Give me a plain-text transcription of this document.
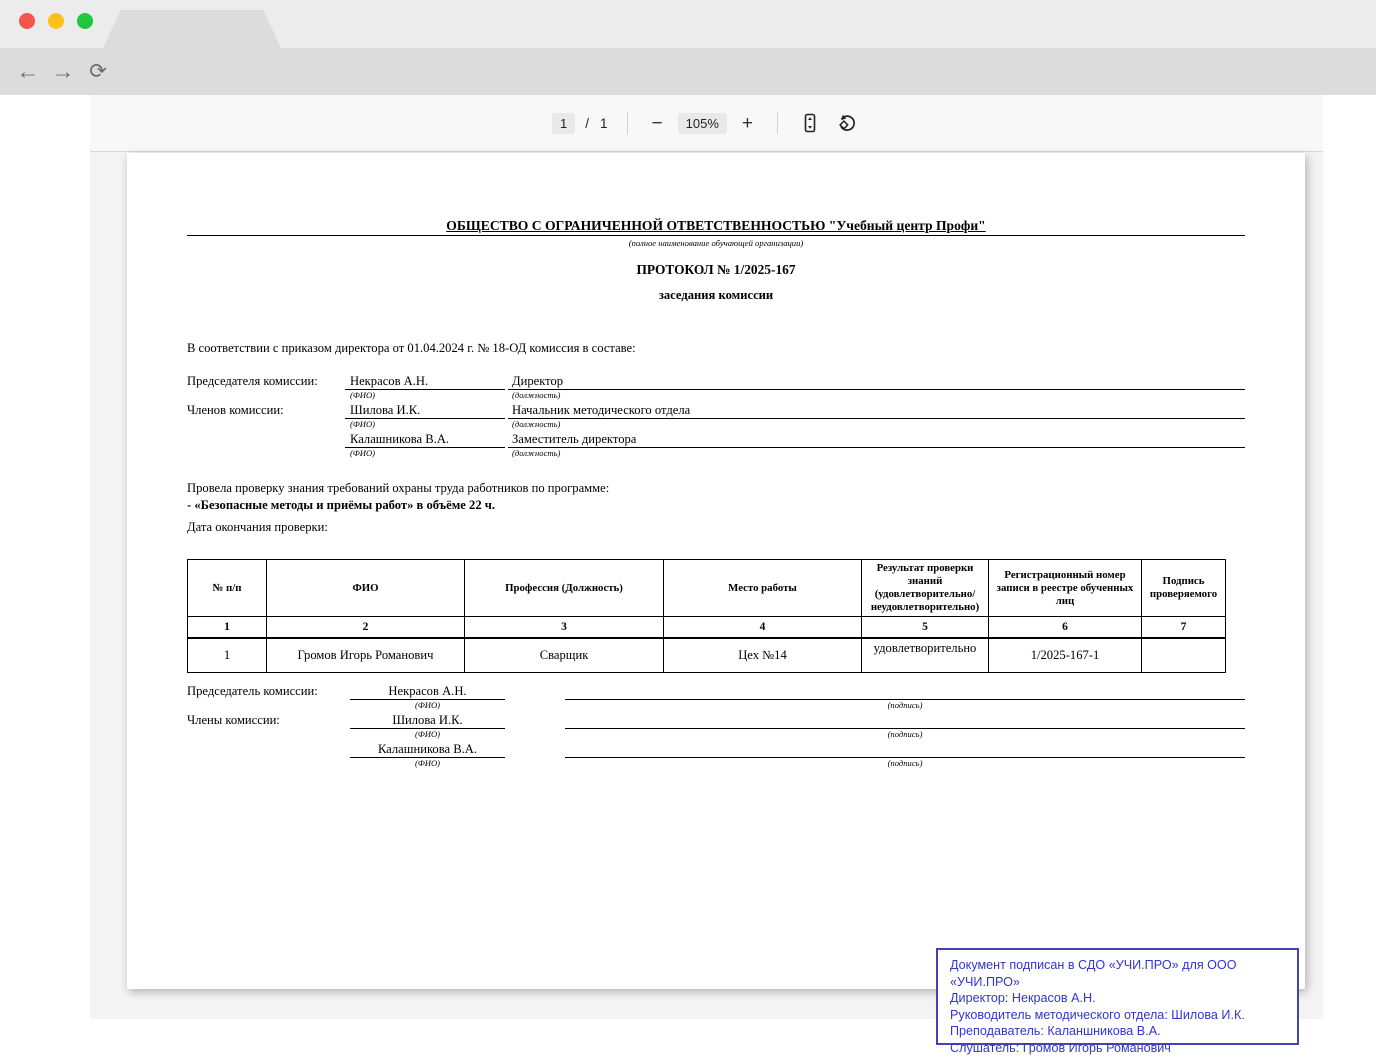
← → ⟳
1	/ 1	−	105%	+
ОБЩЕСТВО С ОГРАНИЧЕННОЙ ОТВЕТСТВЕННОСТЬЮ "Учебный центр Профи"
(полное наименование обучающей организации)
ПРОТОКОЛ № 1/2025-167
заседания комиссии
В соответствии с приказом директора от 01.04.2024 г. № 18-ОД комиссия в составе:
Председателя комиссии:	Некрасов А.Н.	Директор
(ФИО)	(должность)
Членов комиссии:	Шилова И.К.	Начальник методического отдела
(ФИО)	(должность)
Калашникова В.А.	Заместитель директора
(ФИО)	(должность)
Провела проверку знания требований охраны труда работников по программе:
- «Безопасные методы и приёмы работ» в объёме 22 ч.
Дата окончания проверки:
№ п/п	ФИО	Профессия (Должность)	Место работы	Результат проверки знаний (удовлетворительно/ неудовлетворительно)	Регистрационный номер записи в реестре обученных лиц	Подпись проверяемого
1	2	3	4	5	6	7
1	Громов Игорь Романович	Сварщик	Цех №14	удовлетворительно	1/2025-167-1	
Председатель комиссии:	Некрасов А.Н.
(ФИО)	(подпись)
Члены комиссии:	Шилова И.К.
(ФИО)	(подпись)
Калашникова В.А.
(ФИО)	(подпись)
Документ подписан в СДО «УЧИ.ПРО» для ООО «УЧИ.ПРО»
Директор: Некрасов А.Н.
Руководитель методического отдела: Шилова И.К.
Преподаватель: Каланшникова В.А.
Слушатель: Громов Игорь Романович
